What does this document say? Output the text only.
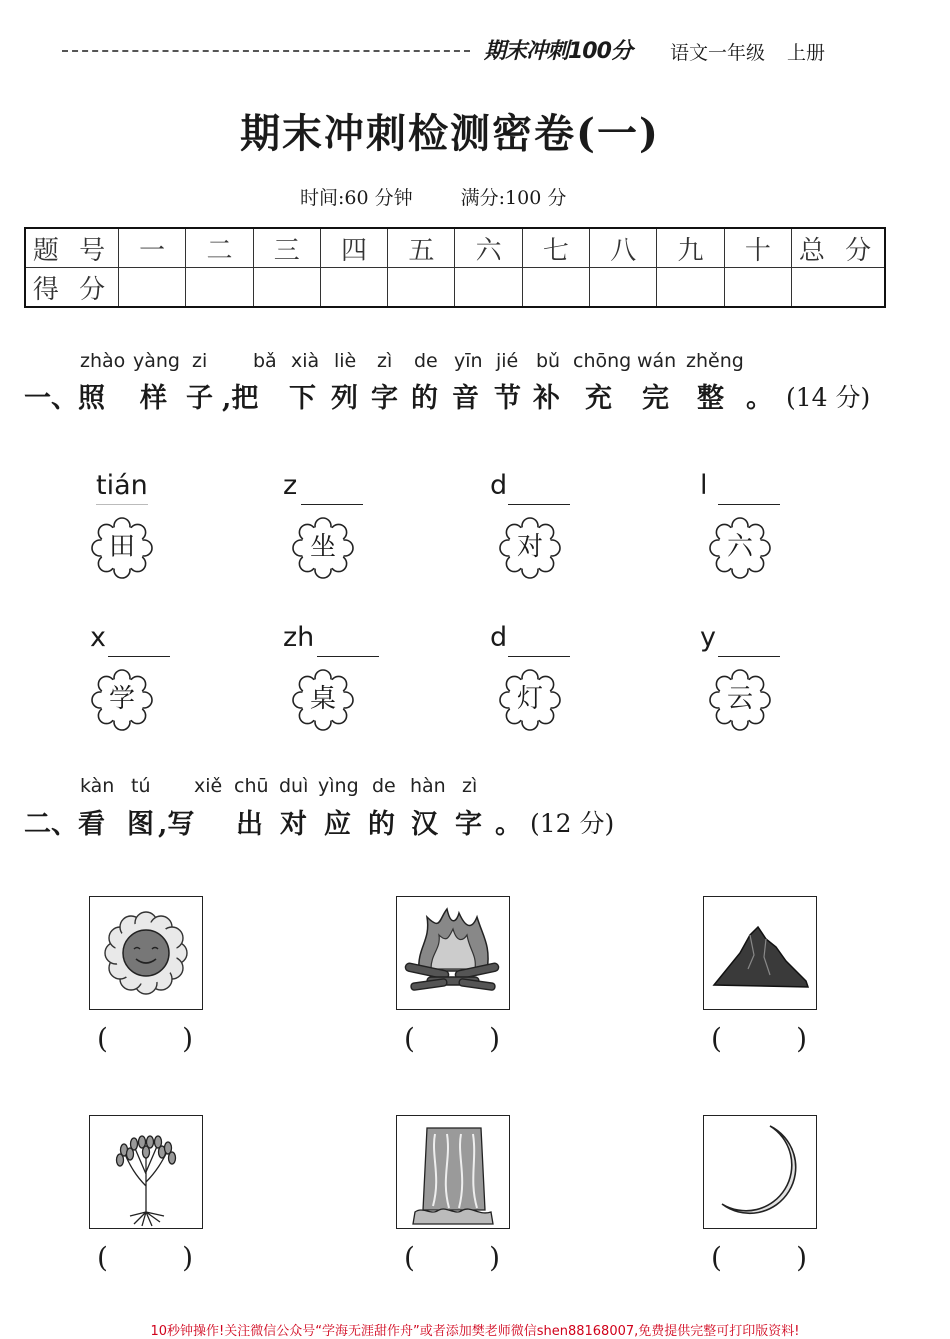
期末冲刺100分 语文一年级 上册
期末冲刺检测密卷(一)
时间:60 分钟	满分:100 分
题 号	一	二	三	四	五	六	七	八	九	十	总 分
得 分											
zhào yàng zi bǎ xià liè zì de yīn jié bǔ chōng wán zhěng
一、照 样 子 ,把 下 列 字 的 音 节 补 充 完 整 。 (14 分)
tián
田
z
坐
d
对
l
六
x
学
zh
桌
d
灯
y
云
kàn tú xiě chū duì yìng de hàn zì
二、看 图 ,写 出 对 应 的 汉 字 。 (12 分)
(	)	(	)	(	)
(	)	(	)	(	)
10秒钟操作!关注微信公众号“学海无涯甜作舟”或者添加樊老师微信shen88168007,免费提供完整可打印版资料!
